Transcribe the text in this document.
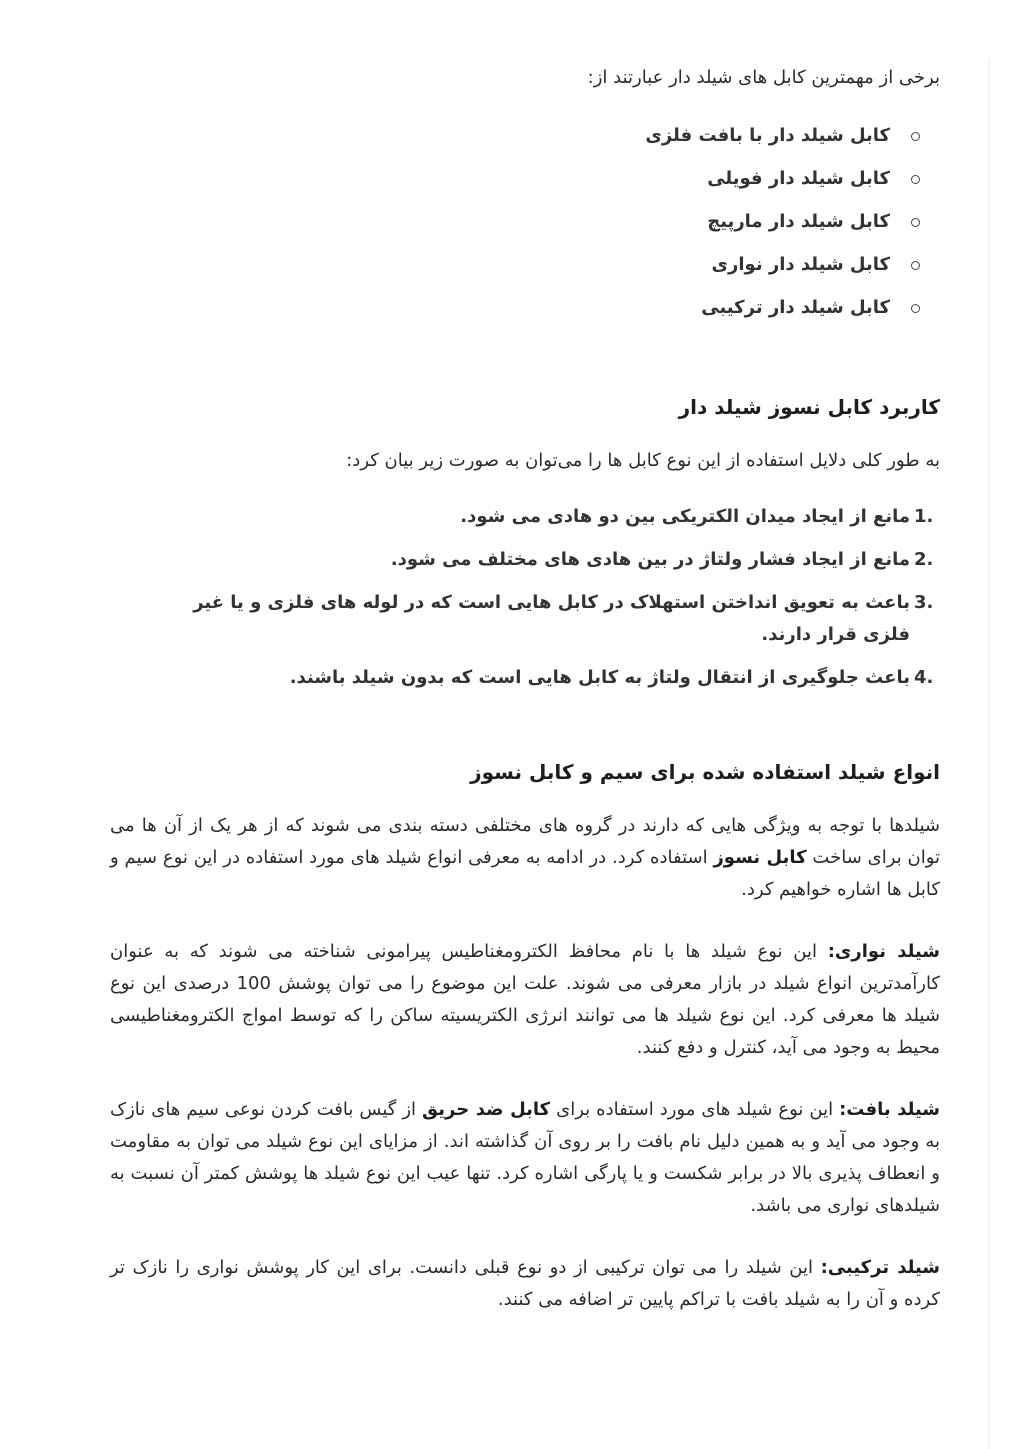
برخی از مهمترین کابل های شیلد دار عبارتند از:

کابل شیلد دار با بافت فلزی
کابل شیلد دار فویلی
کابل شیلد دار مارپیچ
کابل شیلد دار نواری
کابل شیلد دار ترکیبی
کاربرد کابل نسوز شیلد دار

به طور کلی دلایل استفاده از این نوع کابل ها را می‌توان به صورت زیر بیان کرد:

1.
مانع از ایجاد میدان الکتریکی بین دو هادی می شود.
2.
مانع از ایجاد فشار ولتاژ در بین هادی های مختلف می شود.
3.
باعث به تعویق انداختن استهلاک در کابل هایی است که در لوله های فلزی و یا غیر فلزی قرار دارند.
4.
باعث جلوگیری از انتقال ولتاژ به کابل هایی است که بدون شیلد باشند.
انواع شیلد استفاده شده برای سیم و کابل نسوز

شیلدها با توجه به ویژگی هایی که دارند در گروه های مختلفی دسته بندی می شوند که از هر یک از آن ها می توان برای ساخت کابل نسوز استفاده کرد. در ادامه به معرفی انواع شیلد های مورد استفاده در این نوع سیم و کابل ها اشاره خواهیم کرد.

شیلد نواری: این نوع شیلد ها با نام محافظ الکترومغناطیس پیرامونی شناخته می شوند که به عنوان کارآمدترین انواع شیلد در بازار معرفی می شوند. علت این موضوع را می توان پوشش 100 درصدی این نوع شیلد ها معرفی کرد. این نوع شیلد ها می توانند انرژی الکتریسیته ساکن را که توسط امواج الکترومغناطیسی محیط به وجود می آید، کنترل و دفع کنند.

شیلد بافت: این نوع شیلد های مورد استفاده برای کابل ضد حریق از گیس بافت کردن نوعی سیم های نازک به وجود می آید و به همین دلیل نام بافت را بر روی آن گذاشته اند. از مزایای این نوع شیلد می توان به مقاومت و انعطاف پذیری بالا در برابر شکست و یا پارگی اشاره کرد. تنها عیب این نوع شیلد ها پوشش کمتر آن نسبت به شیلدهای نواری می باشد.

شیلد ترکیبی: این شیلد را می توان ترکیبی از دو نوع قبلی دانست. برای این کار پوشش نواری را نازک تر کرده و آن را به شیلد بافت با تراکم پایین تر اضافه می کنند.
